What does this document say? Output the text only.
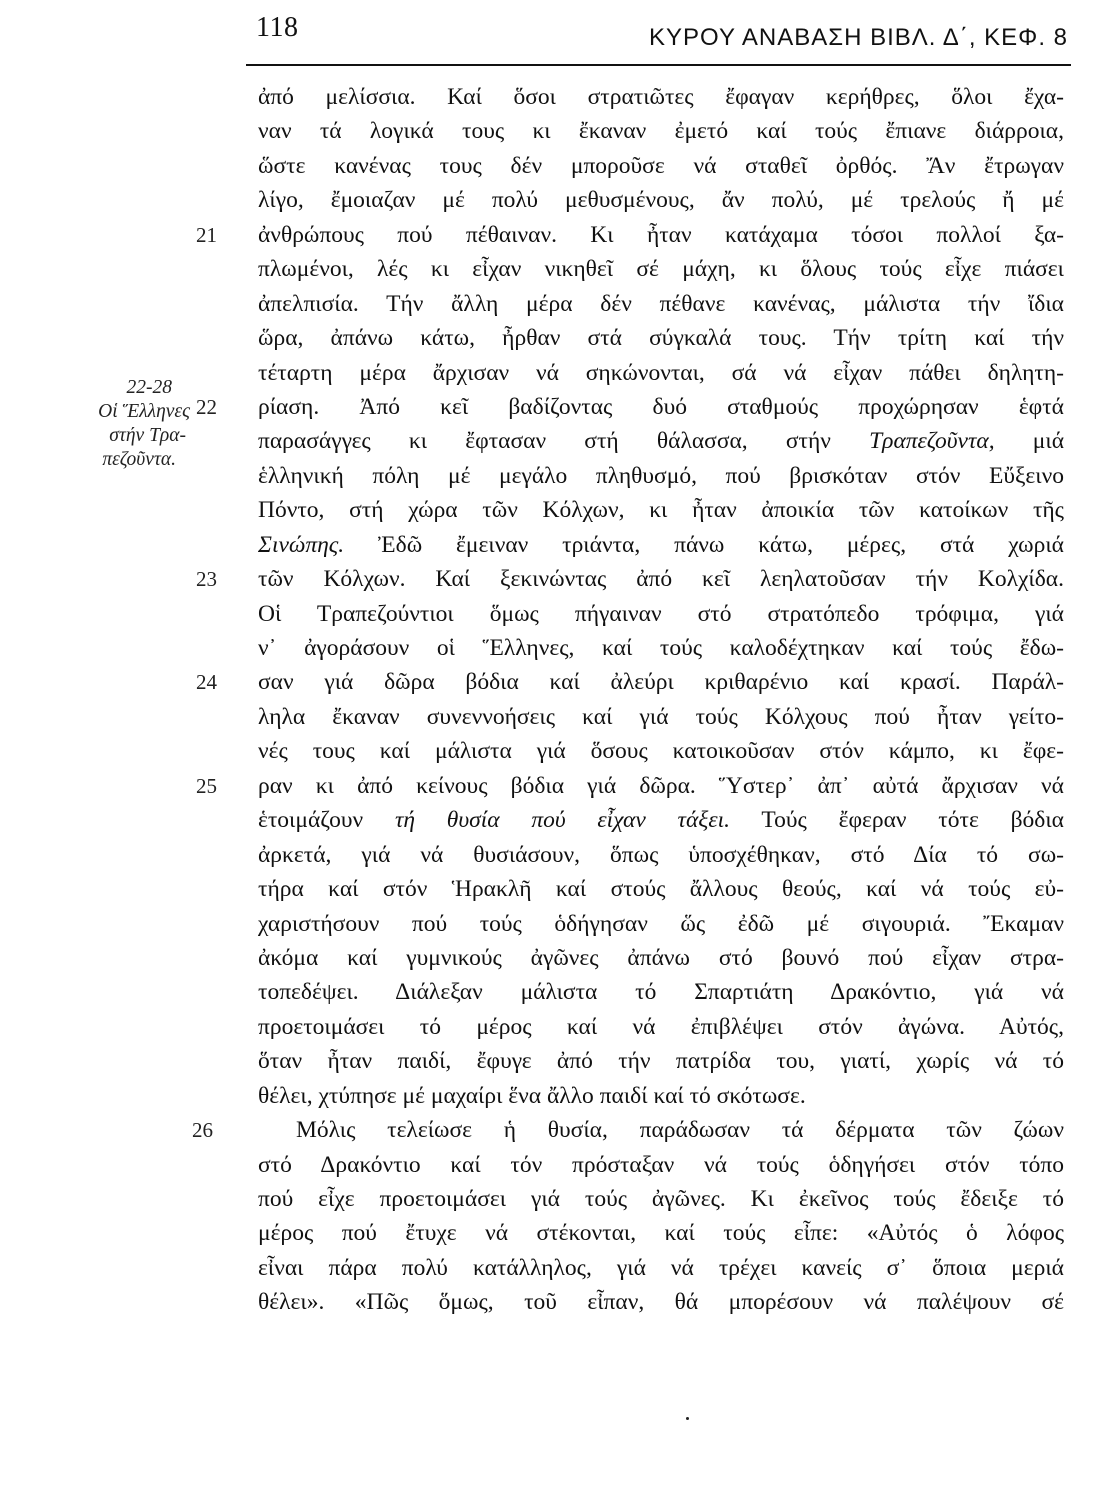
118	ΚΥΡΟΥ ΑΝΑΒΑΣΗ ΒΙΒΛ. Δ΄, ΚΕΦ. 8
22-28
Οἱ Ἕλληνες
στήν Τρα-
πεζοῦντα.
ἀπό μελίσσια. Καί ὅσοι στρατιῶτες ἔφαγαν κερήθρες, ὅλοι ἔχα-
ναν τά λογικά τους κι ἔκαναν ἐμετό καί τούς ἔπιανε διάρροια,
ὥστε κανένας τους δέν μποροῦσε νά σταθεῖ ὀρθός. Ἄν ἔτρωγαν
λίγο, ἔμοιαζαν μέ πολύ μεθυσμένους, ἄν πολύ, μέ τρελούς ἤ μέ
21	ἀνθρώπους πού πέθαιναν. Κι ἦταν κατάχαμα τόσοι πολλοί ξα-
πλωμένοι, λές κι εἶχαν νικηθεῖ σέ μάχη, κι ὅλους τούς εἶχε πιάσει
ἀπελπισία. Τήν ἄλλη μέρα δέν πέθανε κανένας, μάλιστα τήν ἴδια
ὥρα, ἀπάνω κάτω, ἦρθαν στά σύγκαλά τους. Τήν τρίτη καί τήν
τέταρτη μέρα ἄρχισαν νά σηκώνονται, σά νά εἶχαν πάθει δηλητη-
22	ρίαση. Ἀπό κεῖ βαδίζοντας δυό σταθμούς προχώρησαν ἑφτά
παρασάγγες κι ἔφτασαν στή θάλασσα, στήν Τραπεζοῦντα, μιά
ἑλληνική πόλη μέ μεγάλο πληθυσμό, πού βρισκόταν στόν Εὔξεινο
Πόντο, στή χώρα τῶν Κόλχων, κι ἦταν ἀποικία τῶν κατοίκων τῆς
Σινώπης. Ἐδῶ ἔμειναν τριάντα, πάνω κάτω, μέρες, στά χωριά
23	τῶν Κόλχων. Καί ξεκινώντας ἀπό κεῖ λεηλατοῦσαν τήν Κολχίδα.
Οἱ Τραπεζούντιοι ὅμως πήγαιναν στό στρατόπεδο τρόφιμα, γιά
ν᾿ ἀγοράσουν οἱ Ἕλληνες, καί τούς καλοδέχτηκαν καί τούς ἔδω-
24	σαν γιά δῶρα βόδια καί ἀλεύρι κριθαρένιο καί κρασί. Παράλ-
ληλα ἔκαναν συνεννοήσεις καί γιά τούς Κόλχους πού ἦταν γείτο-
νές τους καί μάλιστα γιά ὅσους κατοικοῦσαν στόν κάμπο, κι ἔφε-
25	ραν κι ἀπό κείνους βόδια γιά δῶρα. Ὕστερ᾿ ἀπ᾿ αὐτά ἄρχισαν νά
ἑτοιμάζουν τή θυσία πού εἶχαν τάξει. Τούς ἔφεραν τότε βόδια
ἀρκετά, γιά νά θυσιάσουν, ὅπως ὑποσχέθηκαν, στό Δία τό σω-
τήρα καί στόν Ἡρακλῆ καί στούς ἄλλους θεούς, καί νά τούς εὐ-
χαριστήσουν πού τούς ὁδήγησαν ὥς ἐδῶ μέ σιγουριά. Ἔκαμαν
ἀκόμα καί γυμνικούς ἀγῶνες ἀπάνω στό βουνό πού εἶχαν στρα-
τοπεδέψει. Διάλεξαν μάλιστα τό Σπαρτιάτη Δρακόντιο, γιά νά
προετοιμάσει τό μέρος καί νά ἐπιβλέψει στόν ἀγώνα. Αὐτός,
ὅταν ἦταν παιδί, ἔφυγε ἀπό τήν πατρίδα του, γιατί, χωρίς νά τό
θέλει, χτύπησε μέ μαχαίρι ἕνα ἄλλο παιδί καί τό σκότωσε.
26	Μόλις τελείωσε ἡ θυσία, παράδωσαν τά δέρματα τῶν ζώων
στό Δρακόντιο καί τόν πρόσταξαν νά τούς ὁδηγήσει στόν τόπο
πού εἶχε προετοιμάσει γιά τούς ἀγῶνες. Κι ἐκεῖνος τούς ἔδειξε τό
μέρος πού ἔτυχε νά στέκονται, καί τούς εἶπε: «Αὐτός ὁ λόφος
εἶναι πάρα πολύ κατάλληλος, γιά νά τρέχει κανείς σ᾿ ὅποια μεριά
θέλει». «Πῶς ὅμως, τοῦ εἶπαν, θά μπορέσουν νά παλέψουν σέ
